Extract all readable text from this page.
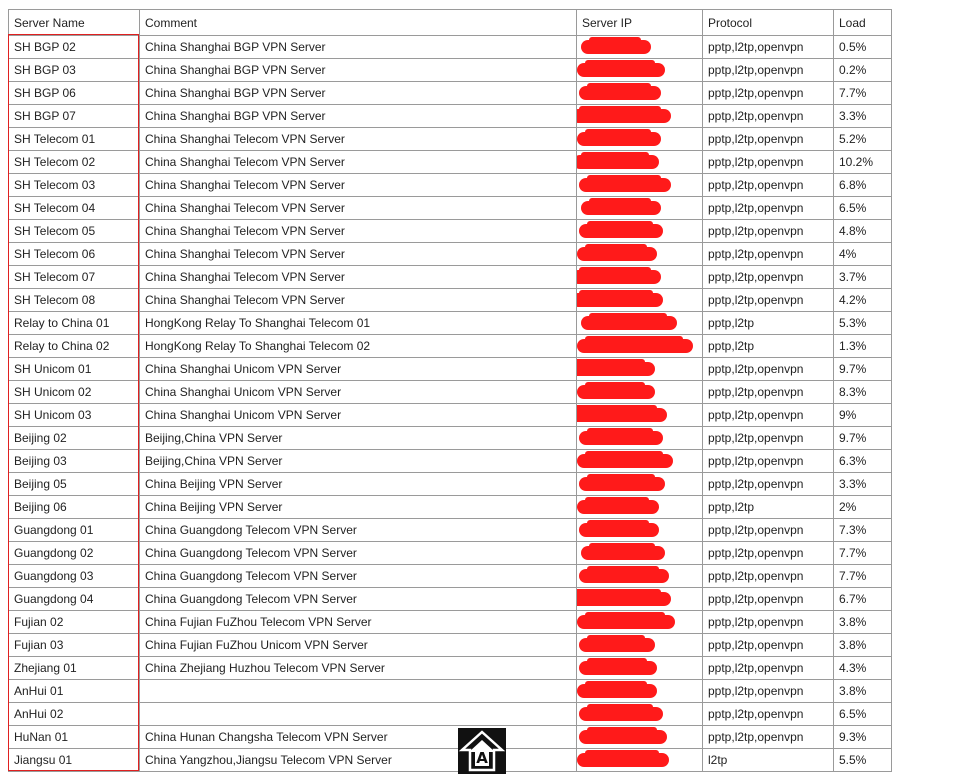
Server Name	Comment	Server IP	Protocol	Load
SH BGP 02	China Shanghai BGP VPN Server		pptp,l2tp,openvpn	0.5%
SH BGP 03	China Shanghai BGP VPN Server		pptp,l2tp,openvpn	0.2%
SH BGP 06	China Shanghai BGP VPN Server		pptp,l2tp,openvpn	7.7%
SH BGP 07	China Shanghai BGP VPN Server		pptp,l2tp,openvpn	3.3%
SH Telecom 01	China Shanghai Telecom VPN Server		pptp,l2tp,openvpn	5.2%
SH Telecom 02	China Shanghai Telecom VPN Server		pptp,l2tp,openvpn	10.2%
SH Telecom 03	China Shanghai Telecom VPN Server		pptp,l2tp,openvpn	6.8%
SH Telecom 04	China Shanghai Telecom VPN Server		pptp,l2tp,openvpn	6.5%
SH Telecom 05	China Shanghai Telecom VPN Server		pptp,l2tp,openvpn	4.8%
SH Telecom 06	China Shanghai Telecom VPN Server		pptp,l2tp,openvpn	4%
SH Telecom 07	China Shanghai Telecom VPN Server		pptp,l2tp,openvpn	3.7%
SH Telecom 08	China Shanghai Telecom VPN Server		pptp,l2tp,openvpn	4.2%
Relay to China 01	HongKong Relay To Shanghai Telecom 01		pptp,l2tp	5.3%
Relay to China 02	HongKong Relay To Shanghai Telecom 02		pptp,l2tp	1.3%
SH Unicom 01	China Shanghai Unicom VPN Server		pptp,l2tp,openvpn	9.7%
SH Unicom 02	China Shanghai Unicom VPN Server		pptp,l2tp,openvpn	8.3%
SH Unicom 03	China Shanghai Unicom VPN Server		pptp,l2tp,openvpn	9%
Beijing 02	Beijing,China VPN Server		pptp,l2tp,openvpn	9.7%
Beijing 03	Beijing,China VPN Server		pptp,l2tp,openvpn	6.3%
Beijing 05	China Beijing VPN Server		pptp,l2tp,openvpn	3.3%
Beijing 06	China Beijing VPN Server		pptp,l2tp	2%
Guangdong 01	China Guangdong Telecom VPN Server		pptp,l2tp,openvpn	7.3%
Guangdong 02	China Guangdong Telecom VPN Server		pptp,l2tp,openvpn	7.7%
Guangdong 03	China Guangdong Telecom VPN Server		pptp,l2tp,openvpn	7.7%
Guangdong 04	China Guangdong Telecom VPN Server		pptp,l2tp,openvpn	6.7%
Fujian 02	China Fujian FuZhou Telecom VPN Server		pptp,l2tp,openvpn	3.8%
Fujian 03	China Fujian FuZhou Unicom VPN Server		pptp,l2tp,openvpn	3.8%
Zhejiang 01	China Zhejiang Huzhou Telecom VPN Server		pptp,l2tp,openvpn	4.3%
AnHui 01			pptp,l2tp,openvpn	3.8%
AnHui 02			pptp,l2tp,openvpn	6.5%
HuNan 01	China Hunan Changsha Telecom VPN Server		pptp,l2tp,openvpn	9.3%
Jiangsu 01	China Yangzhou,Jiangsu Telecom VPN Server		l2tp	5.5%
A
